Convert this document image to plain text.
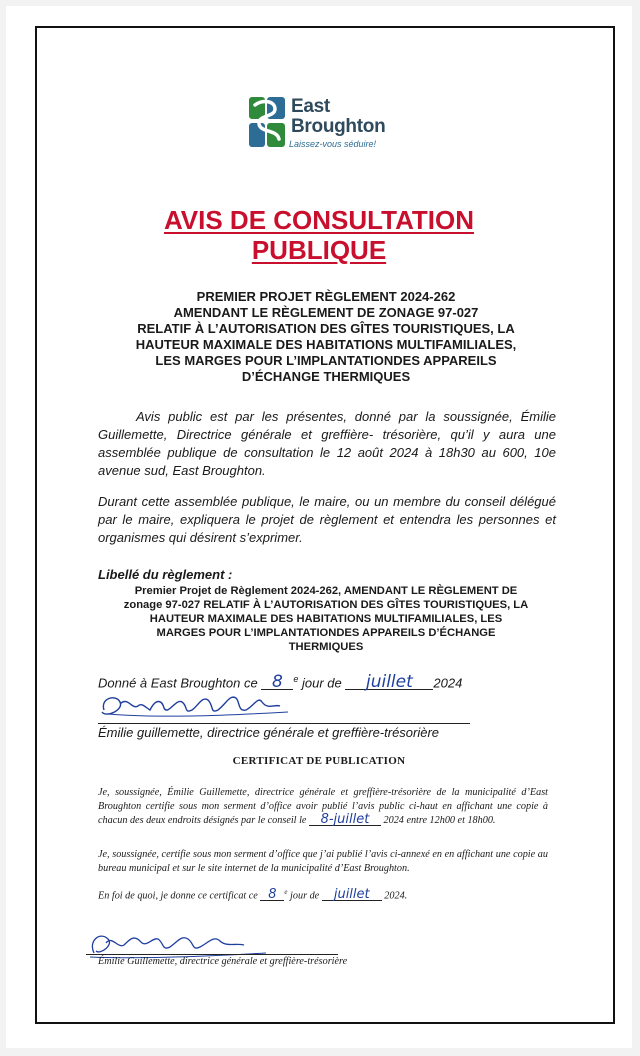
East
Broughton
Laissez-vous séduire!
AVIS DE CONSULTATION
PUBLIQUE
PREMIER PROJET RÈGLEMENT 2024-262
AMENDANT LE RÈGLEMENT DE ZONAGE 97-027
RELATIF À L’AUTORISATION DES GÎTES TOURISTIQUES, LA
HAUTEUR MAXIMALE DES HABITATIONS MULTIFAMILIALES,
LES MARGES POUR L’IMPLANTATIONDES APPAREILS
D’ÉCHANGE THERMIQUES
Avis public est par les présentes, donné par la soussignée, Émilie Guillemette, Directrice générale et greffière- trésorière, qu’il y aura une assemblée publique de consultation le 12 août 2024 à 18h30 au 600, 10e avenue sud, East Broughton.
Durant cette assemblée publique, le maire, ou un membre du conseil délégué par le maire, expliquera le projet de règlement et entendra les personnes et organismes qui désirent s’exprimer.
Libellé du règlement :
Premier Projet de Règlement 2024-262, AMENDANT LE RÈGLEMENT DE
zonage 97-027 RELATIF À L’AUTORISATION DES GÎTES TOURISTIQUES, LA
HAUTEUR MAXIMALE DES HABITATIONS MULTIFAMILIALES, LES
MARGES POUR L’IMPLANTATIONDES APPAREILS D’ÉCHANGE
THERMIQUES
Donné à East Broughton ce 8 $^e$ jour de juillet 2024
Émilie guillemette, directrice générale et greffière-trésorière
CERTIFICAT DE PUBLICATION
Je, soussignée, Émilie Guillemette, directrice générale et greffière-trésorière de la municipalité d’East Broughton certifie sous mon serment d’office avoir publié l’avis public ci-haut en affichant une copie à chacun des deux endroits désignés par le conseil le 8-juillet 2024 entre 12h00 et 18h00.
Je, soussignée, certifie sous mon serment d’office que j’ai publié l’avis ci-annexé en en affichant une copie au bureau municipal et sur le site internet de la municipalité d’East Broughton.
En foi de quoi, je donne ce certificat ce 8 $^e$ jour de juillet 2024.
Émilie Guillemette, directrice générale et greffière-trésorière
